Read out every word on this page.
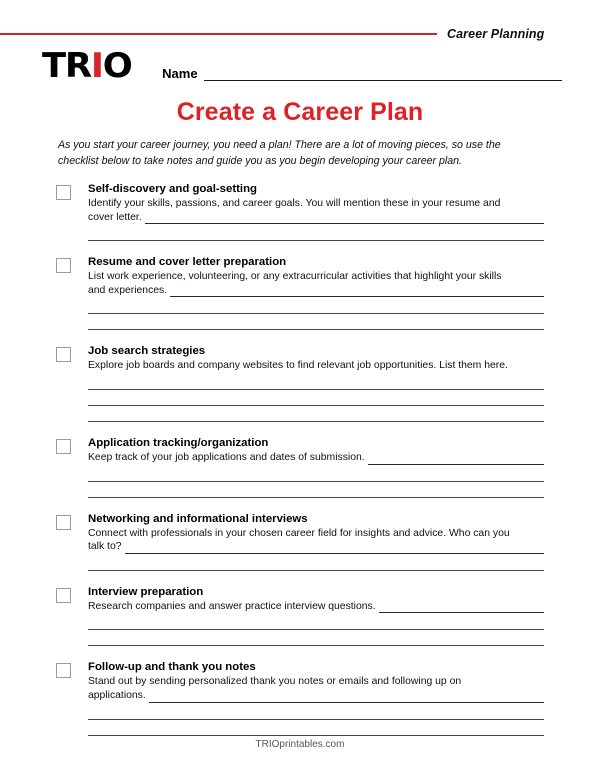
Career Planning
TRIO Name
Create a Career Plan
As you start your career journey, you need a plan! There are a lot of moving pieces, so use the checklist below to take notes and guide you as you begin developing your career plan.
Self-discovery and goal-setting
Identify your skills, passions, and career goals. You will mention these in your resume and
cover letter.
Resume and cover letter preparation
List work experience, volunteering, or any extracurricular activities that highlight your skills
and experiences.
Job search strategies
Explore job boards and company websites to find relevant job opportunities. List them here.
Application tracking/organization
Keep track of your job applications and dates of submission.
Networking and informational interviews
Connect with professionals in your chosen career field for insights and advice. Who can you
talk to?
Interview preparation
Research companies and answer practice interview questions.
Follow-up and thank you notes
Stand out by sending personalized thank you notes or emails and following up on
applications.
TRIOprintables.com
